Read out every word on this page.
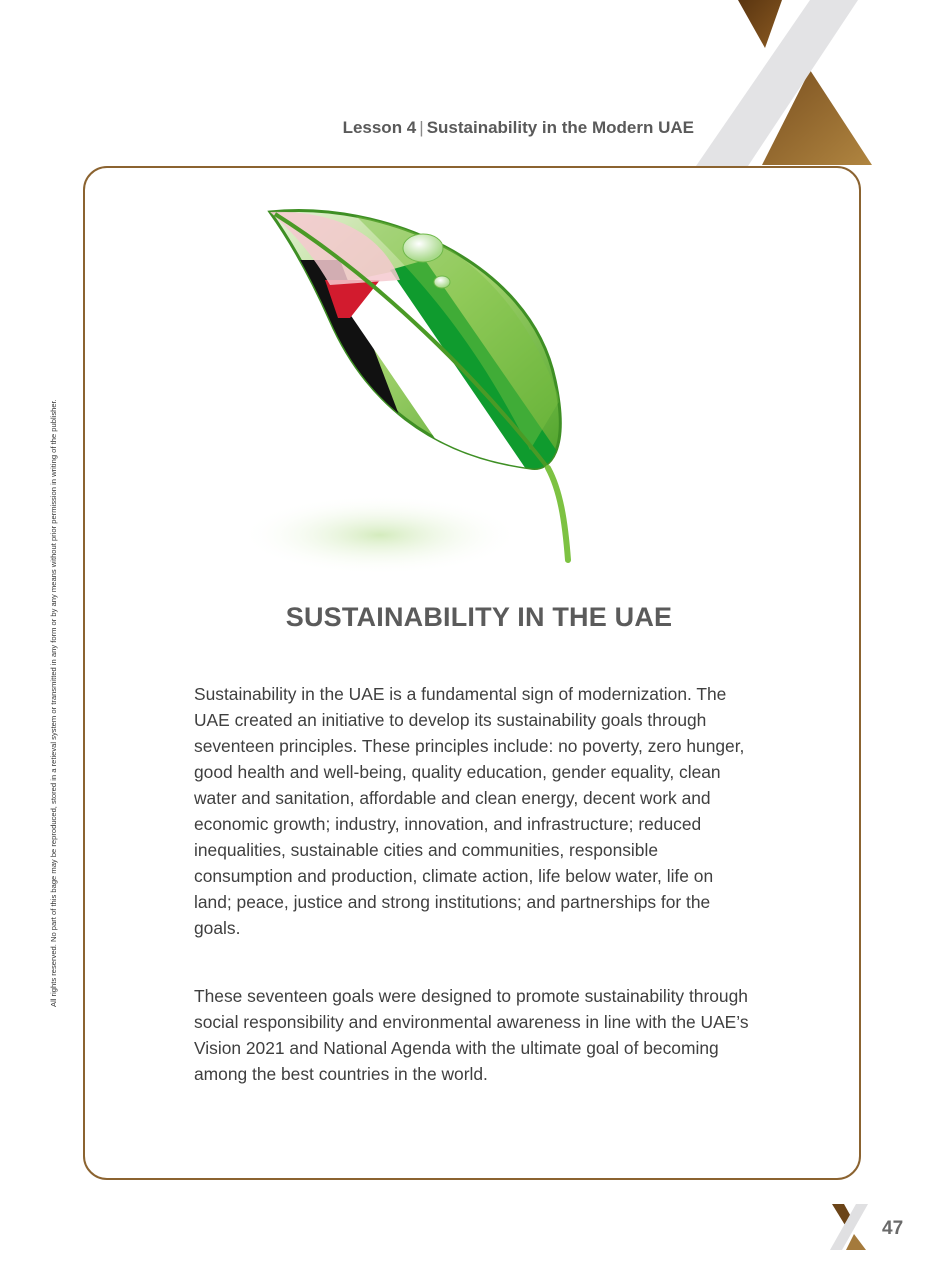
Lesson 4 | Sustainability in the Modern UAE
All rights reserved. No part of this bage may be reproduced, stored in a retieval system or transmitted in any form or by any means without prior permission in writing of the publisher.	SUSTAINABILITY IN THE UAE

Sustainability in the UAE is a fundamental sign of modernization. The UAE created an initiative to develop its sustainability goals through seventeen principles. These principles include: no poverty, zero hunger, good health and well-being, quality education, gender equality, clean water and sanitation, affordable and clean energy, decent work and economic growth; industry, innovation, and infrastructure; reduced inequalities, sustainable cities and communities, responsible consumption and production, climate action, life below water, life on land; peace, justice and strong institutions; and partnerships for the goals.

These seventeen goals were designed to promote sustainability through social responsibility and environmental awareness in line with the UAE’s Vision 2021 and National Agenda with the ultimate goal of becoming among the best countries in the world.

47
